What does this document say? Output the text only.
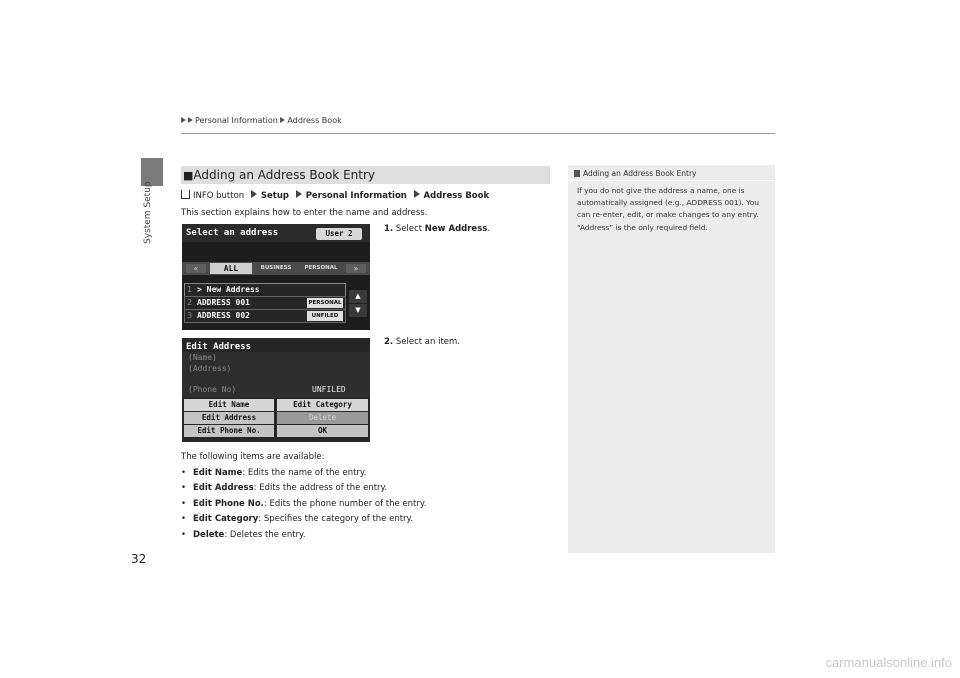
System Setup
Personal Information Address Book
■Adding an Address Book Entry
INFO button Setup Personal Information Address Book
This section explains how to enter the name and address.
1. Select New Address.
Select an address	User 2
«	ALL	BUSINESS	PERSONAL	»
1 > New Address
2 ADDRESS 001	PERSONAL
3 ADDRESS 002	UNFILED
▲
▼
2. Select an item.
Edit Address
(Name)
(Address)
(Phone No)	UNFILED
Edit Name	Edit Category
Edit Address	Delete
Edit Phone No.	OK
The following items are available:
• Edit Name: Edits the name of the entry.
• Edit Address: Edits the address of the entry.
• Edit Phone No.: Edits the phone number of the entry.
• Edit Category: Specifies the category of the entry.
• Delete: Deletes the entry.
Adding an Address Book Entry
If you do not give the address a name, one is automatically assigned (e.g., ADDRESS 001). You can re-enter, edit, or make changes to any entry. “Address” is the only required field.
32
carmanualsonline.info
